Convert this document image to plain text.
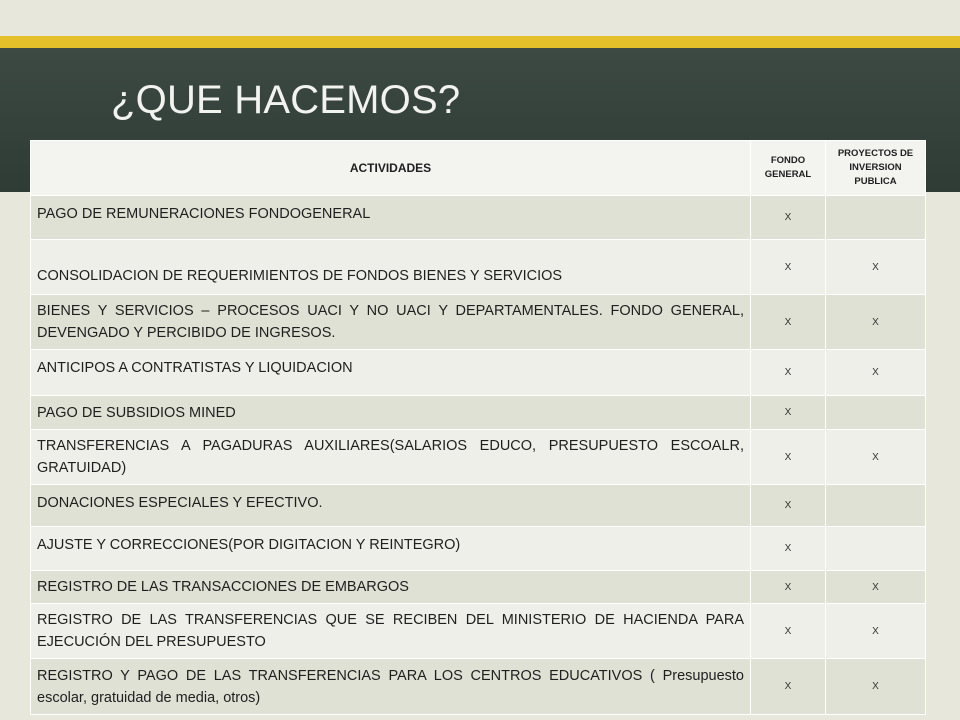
¿QUE HACEMOS?
ACTIVIDADES	FONDO GENERAL	PROYECTOS DE INVERSION PUBLICA
PAGO DE REMUNERACIONES FONDOGENERAL	X	
CONSOLIDACION DE REQUERIMIENTOS DE FONDOS BIENES Y SERVICIOS	X	X
BIENES Y SERVICIOS – PROCESOS UACI Y NO UACI Y DEPARTAMENTALES. FONDO GENERAL, DEVENGADO Y PERCIBIDO DE INGRESOS.	X	X
ANTICIPOS A CONTRATISTAS Y LIQUIDACION	X	X
PAGO DE SUBSIDIOS MINED	X	
TRANSFERENCIAS A PAGADURAS AUXILIARES(SALARIOS EDUCO, PRESUPUESTO ESCOALR, GRATUIDAD)	X	X
DONACIONES ESPECIALES Y EFECTIVO.	X	
AJUSTE Y CORRECCIONES(POR DIGITACION Y REINTEGRO)	X	
REGISTRO DE LAS TRANSACCIONES DE EMBARGOS	X	X
REGISTRO DE LAS TRANSFERENCIAS QUE SE RECIBEN DEL MINISTERIO DE HACIENDA PARA EJECUCIÓN DEL PRESUPUESTO	X	X
REGISTRO Y PAGO DE LAS TRANSFERENCIAS PARA LOS CENTROS EDUCATIVOS ( Presupuesto escolar, gratuidad de media, otros)	X	X
